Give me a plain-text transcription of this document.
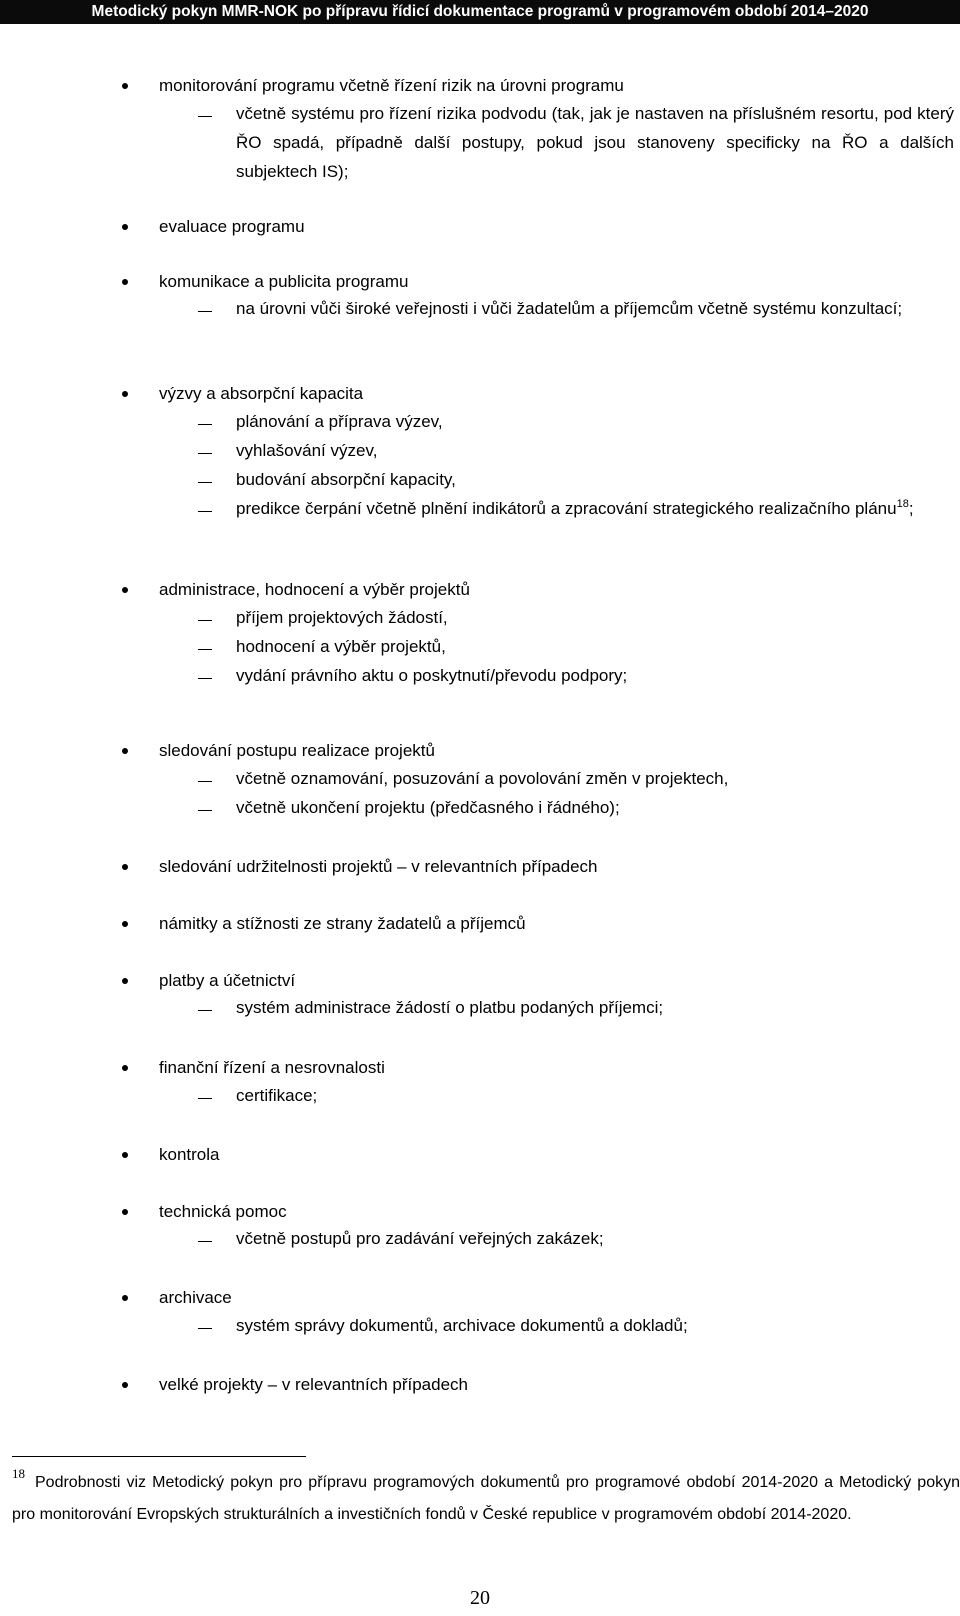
Metodický pokyn MMR-NOK po přípravu řídicí dokumentace programů v programovém období 2014–2020
monitorování programu včetně řízení rizik na úrovni programu
včetně systému pro řízení rizika podvodu (tak, jak je nastaven na příslušném resortu, pod který ŘO spadá, případně další postupy, pokud jsou stanoveny specificky na ŘO a dalších subjektech IS);
evaluace programu
komunikace a publicita programu
na úrovni vůči široké veřejnosti i vůči žadatelům a příjemcům včetně systému konzultací;
výzvy a absorpční kapacita
plánování a příprava výzev,
vyhlašování výzev,
budování absorpční kapacity,
predikce čerpání včetně plnění indikátorů a zpracování strategického realizačního plánu$^{18}$;
administrace, hodnocení a výběr projektů
příjem projektových žádostí,
hodnocení a výběr projektů,
vydání právního aktu o poskytnutí/převodu podpory;
sledování postupu realizace projektů
včetně oznamování, posuzování a povolování změn v projektech,
včetně ukončení projektu (předčasného i řádného);
sledování udržitelnosti projektů – v relevantních případech
námitky a stížnosti ze strany žadatelů a příjemců
platby a účetnictví
systém administrace žádostí o platbu podaných příjemci;
finanční řízení a nesrovnalosti
certifikace;
kontrola
technická pomoc
včetně postupů pro zadávání veřejných zakázek;
archivace
systém správy dokumentů, archivace dokumentů a dokladů;
velké projekty – v relevantních případech
$^{18}$Podrobnosti viz Metodický pokyn pro přípravu programových dokumentů pro programové období 2014-2020 a Metodický pokyn pro monitorování Evropských strukturálních a investičních fondů v České republice v programovém období 2014-2020.
20
